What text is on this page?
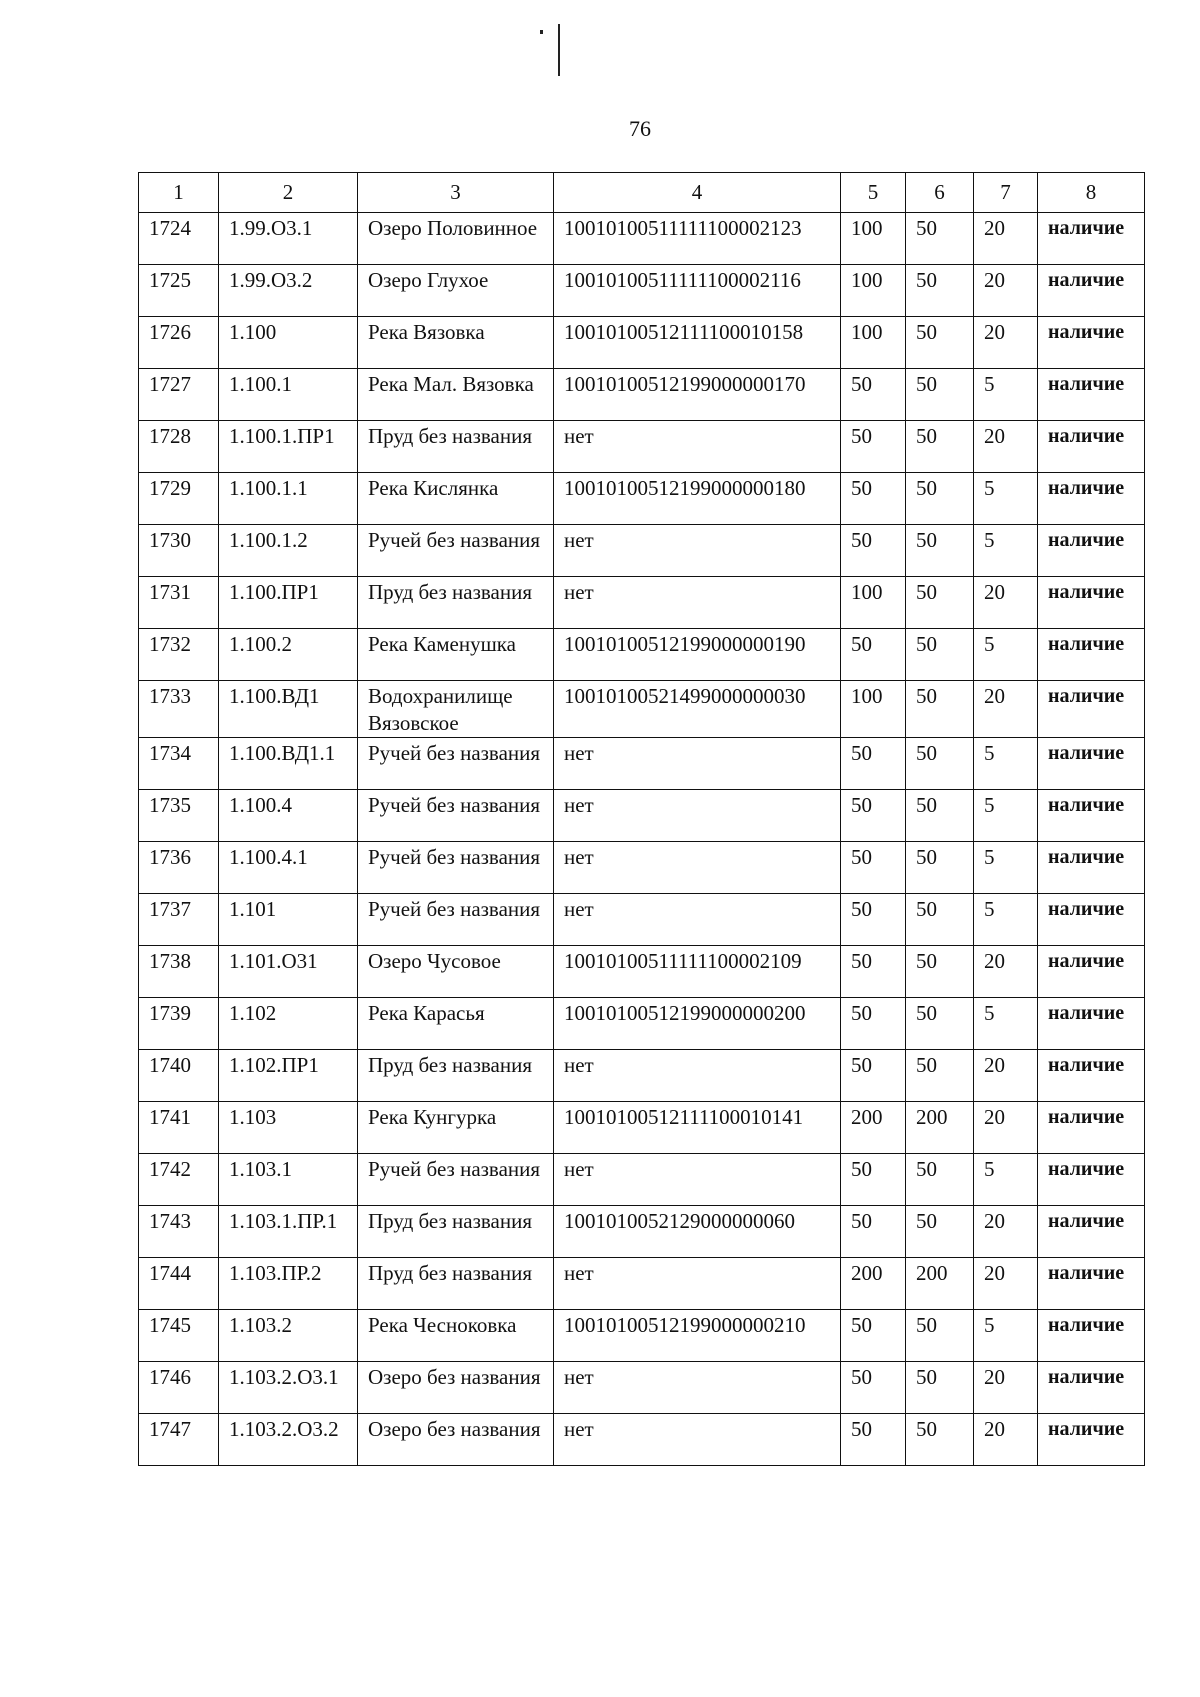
76
1	2	3	4	5	6	7	8
1724	1.99.О3.1	Озеро Половинное	10010100511111100002123	100	50	20	наличие
1725	1.99.О3.2	Озеро Глухое	10010100511111100002116	100	50	20	наличие
1726	1.100	Река Вязовка	10010100512111100010158	100	50	20	наличие
1727	1.100.1	Река Мал. Вязовка	10010100512199000000170	50	50	5	наличие
1728	1.100.1.ПР1	Пруд без названия	нет	50	50	20	наличие
1729	1.100.1.1	Река Кислянка	10010100512199000000180	50	50	5	наличие
1730	1.100.1.2	Ручей без названия	нет	50	50	5	наличие
1731	1.100.ПР1	Пруд без названия	нет	100	50	20	наличие
1732	1.100.2	Река Каменушка	10010100512199000000190	50	50	5	наличие
1733	1.100.ВД1	Водохранилище Вязовское	10010100521499000000030	100	50	20	наличие
1734	1.100.ВД1.1	Ручей без названия	нет	50	50	5	наличие
1735	1.100.4	Ручей без названия	нет	50	50	5	наличие
1736	1.100.4.1	Ручей без названия	нет	50	50	5	наличие
1737	1.101	Ручей без названия	нет	50	50	5	наличие
1738	1.101.О31	Озеро Чусовое	10010100511111100002109	50	50	20	наличие
1739	1.102	Река Карасья	10010100512199000000200	50	50	5	наличие
1740	1.102.ПР1	Пруд без названия	нет	50	50	20	наличие
1741	1.103	Река Кунгурка	10010100512111100010141	200	200	20	наличие
1742	1.103.1	Ручей без названия	нет	50	50	5	наличие
1743	1.103.1.ПР.1	Пруд без названия	1001010052129000000060	50	50	20	наличие
1744	1.103.ПР.2	Пруд без названия	нет	200	200	20	наличие
1745	1.103.2	Река Чесноковка	10010100512199000000210	50	50	5	наличие
1746	1.103.2.О3.1	Озеро без названия	нет	50	50	20	наличие
1747	1.103.2.О3.2	Озеро без названия	нет	50	50	20	наличие
